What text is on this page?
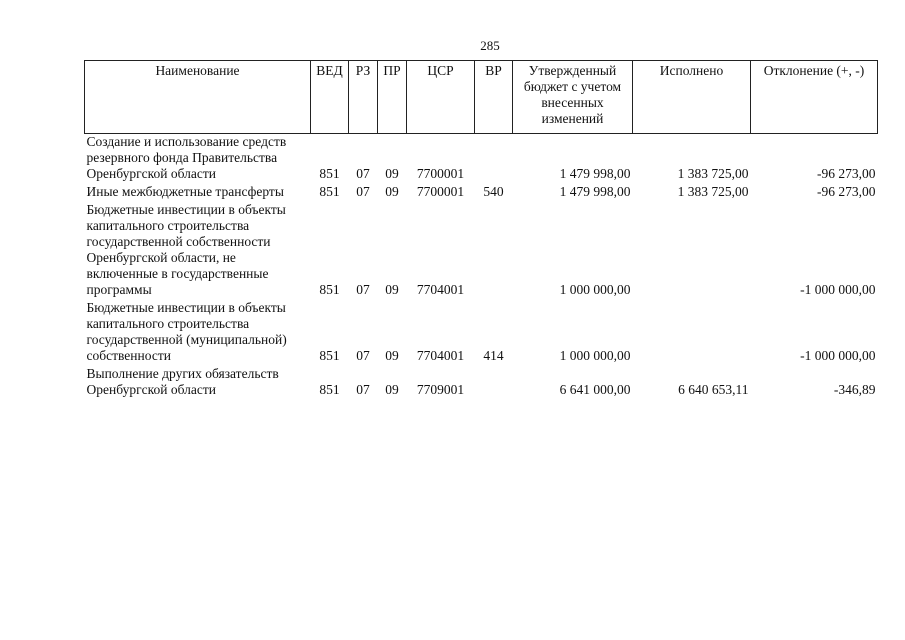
285
Наименование	ВЕД	РЗ	ПР	ЦСР	ВР	Утвержденный бюджет с учетом внесенных изменений	Исполнено	Отклонение (+, -)
Создание и использование средств резервного фонда Правительства Оренбургской области	851	07	09	7700001		1 479 998,00	1 383 725,00	-96 273,00
Иные межбюджетные трансферты	851	07	09	7700001	540	1 479 998,00	1 383 725,00	-96 273,00
Бюджетные инвестиции в объекты капитального строительства государственной собственности Оренбургской области, не включенные в государственные программы	851	07	09	7704001		1 000 000,00		-1 000 000,00
Бюджетные инвестиции в объекты капитального строительства государственной (муниципальной) собственности	851	07	09	7704001	414	1 000 000,00		-1 000 000,00
Выполнение других обязательств Оренбургской области	851	07	09	7709001		6 641 000,00	6 640 653,11	-346,89
